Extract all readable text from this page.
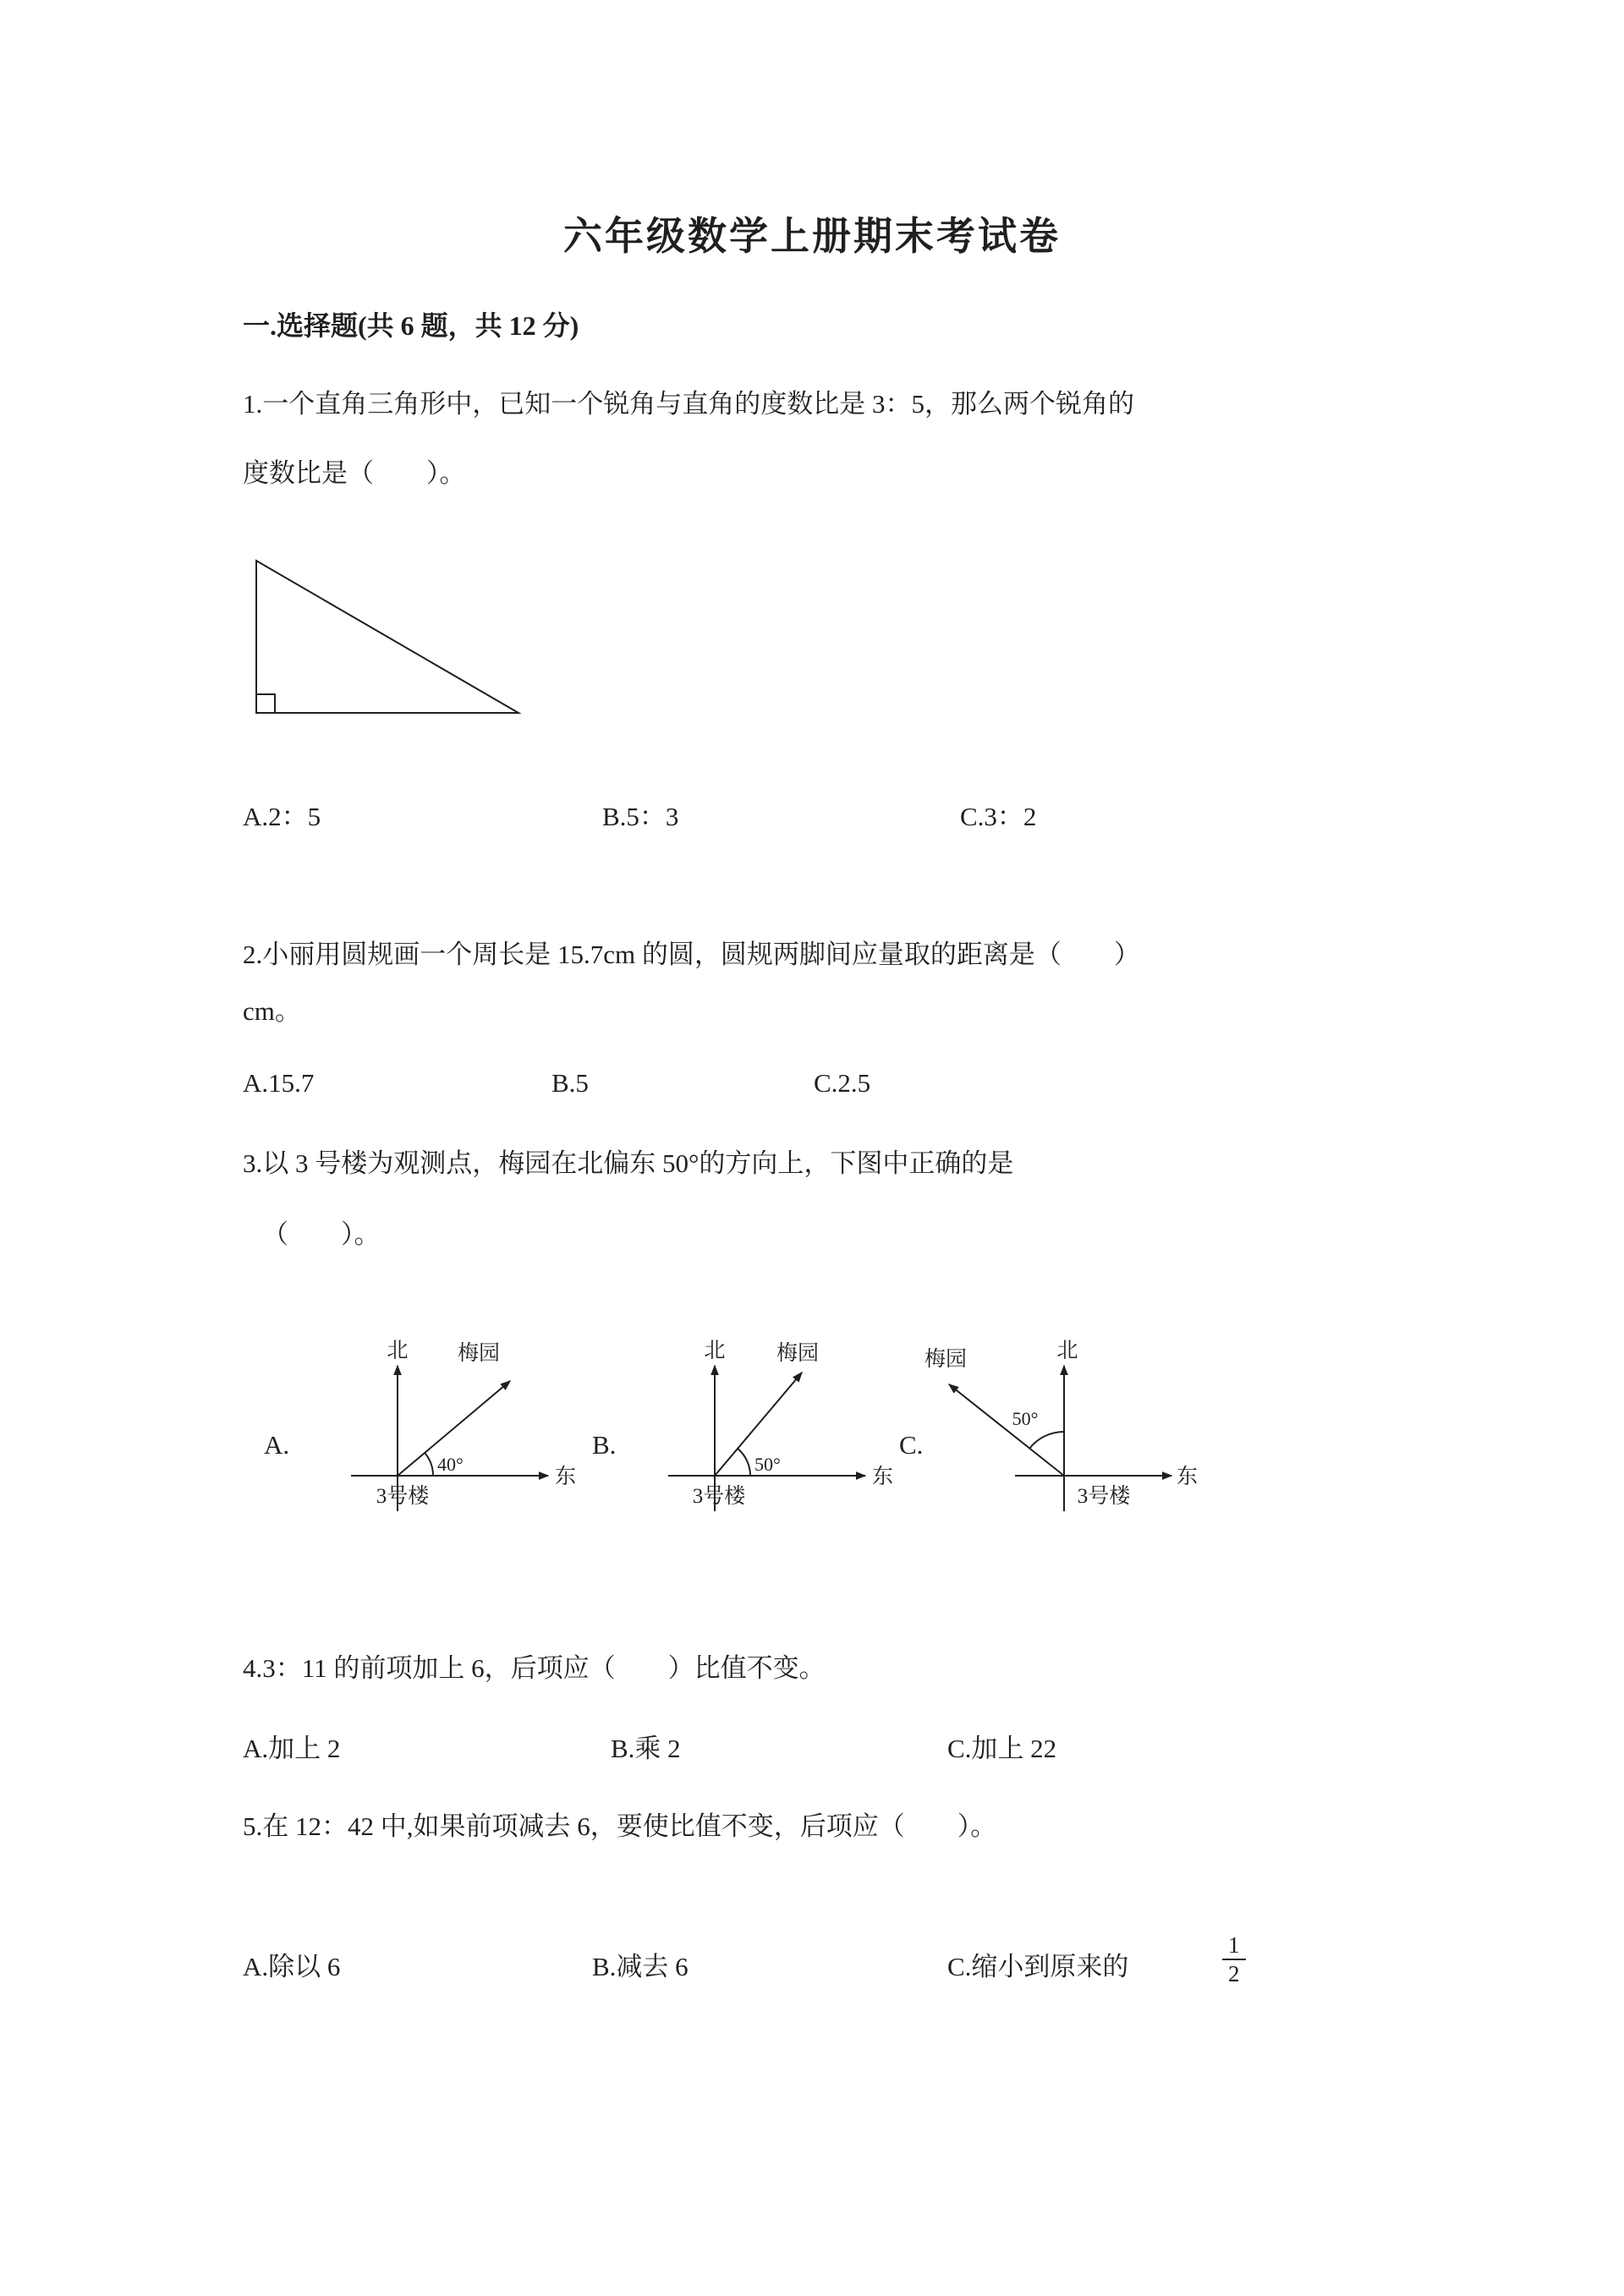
六年级数学上册期末考试卷
一.选择题(共 6 题，共 12 分)
1.一个直角三角形中，已知一个锐角与直角的度数比是 3：5，那么两个锐角的
度数比是（　　）。
A.2：5	B.5：3	C.3：2
2.小丽用圆规画一个周长是 15.7cm 的圆，圆规两脚间应量取的距离是（　　）
cm。
A.15.7	B.5	C.2.5
3.以 3 号楼为观测点，梅园在北偏东 50°的方向上，下图中正确的是
（　　）。
A.	B.	C.
北 梅园
东
40°
3号楼
北 梅园
东
50°
3号楼
北
梅园
东
50°
3号楼
4.3：11 的前项加上 6，后项应（　　）比值不变。
A.加上 2	B.乘 2	C.加上 22
5.在 12：42 中,如果前项减去 6，要使比值不变，后项应（　　）。
A.除以 6	B.减去 6	C.缩小到原来的	$\frac{1}{2}$
